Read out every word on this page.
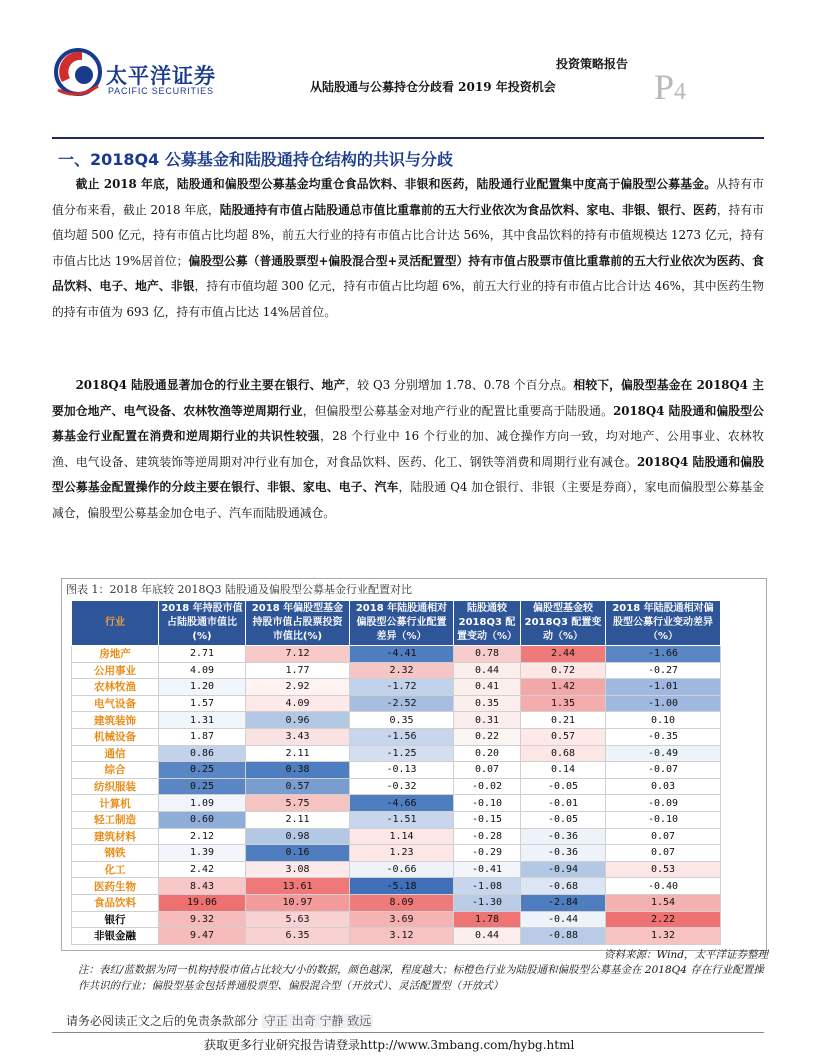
太平洋证券
PACIFIC SECURITIES
投资策略报告
从陆股通与公募持仓分歧看 2019 年投资机会	P4
一、2018Q4 公募基金和陆股通持仓结构的共识与分歧
截止 2018 年底，陆股通和偏股型公募基金均重仓食品饮料、非银和医药，陆股通行业配置集中度高于偏股型公募基金。从持有市值分布来看，截止 2018 年底，陆股通持有市值占陆股通总市值比重靠前的五大行业依次为食品饮料、家电、非银、银行、医药，持有市值均超 500 亿元，持有市值占比均超 8%，前五大行业的持有市值占比合计达 56%，其中食品饮料的持有市值规模达 1273 亿元，持有市值占比达 19%居首位；偏股型公募（普通股票型+偏股混合型+灵活配置型）持有市值占股票市值比重靠前的五大行业依次为医药、食品饮料、电子、地产、非银，持有市值均超 300 亿元，持有市值占比均超 6%，前五大行业的持有市值占比合计达 46%，其中医药生物的持有市值为 693 亿，持有市值占比达 14%居首位。
2018Q4 陆股通显著加仓的行业主要在银行、地产，较 Q3 分别增加 1.78、0.78 个百分点。相较下，偏股型基金在 2018Q4 主要加仓地产、电气设备、农林牧渔等逆周期行业，但偏股型公募基金对地产行业的配置比重要高于陆股通。2018Q4 陆股通和偏股型公募基金行业配置在消费和逆周期行业的共识性较强，28 个行业中 16 个行业的加、减仓操作方向一致，均对地产、公用事业、农林牧渔、电气设备、建筑装饰等逆周期对冲行业有加仓，对食品饮料、医药、化工、钢铁等消费和周期行业有减仓。2018Q4 陆股通和偏股型公募基金配置操作的分歧主要在银行、非银、家电、电子、汽车，陆股通 Q4 加仓银行、非银（主要是券商），家电而偏股型公募基金减仓，偏股型公募基金加仓电子、汽车而陆股通减仓。
图表 1：2018 年底较 2018Q3 陆股通及偏股型公募基金行业配置对比
行业	2018 年持股市值占陆股通市值比(%)	2018 年偏股型基金持股市值占股票投资市值比(%)	2018 年陆股通相对偏股型公募行业配置差异（%）	陆股通较 2018Q3 配置变动（%）	偏股型基金较 2018Q3 配置变动（%）	2018 年陆股通相对偏股型公募行业变动差异（%）
房地产	2.71	7.12	-4.41	0.78	2.44	-1.66
公用事业	4.09	1.77	2.32	0.44	0.72	-0.27
农林牧渔	1.20	2.92	-1.72	0.41	1.42	-1.01
电气设备	1.57	4.09	-2.52	0.35	1.35	-1.00
建筑装饰	1.31	0.96	0.35	0.31	0.21	0.10
机械设备	1.87	3.43	-1.56	0.22	0.57	-0.35
通信	0.86	2.11	-1.25	0.20	0.68	-0.49
综合	0.25	0.38	-0.13	0.07	0.14	-0.07
纺织服装	0.25	0.57	-0.32	-0.02	-0.05	0.03
计算机	1.09	5.75	-4.66	-0.10	-0.01	-0.09
轻工制造	0.60	2.11	-1.51	-0.15	-0.05	-0.10
建筑材料	2.12	0.98	1.14	-0.28	-0.36	0.07
钢铁	1.39	0.16	1.23	-0.29	-0.36	0.07
化工	2.42	3.08	-0.66	-0.41	-0.94	0.53
医药生物	8.43	13.61	-5.18	-1.08	-0.68	-0.40
食品饮料	19.06	10.97	8.09	-1.30	-2.84	1.54
银行	9.32	5.63	3.69	1.78	-0.44	2.22
非银金融	9.47	6.35	3.12	0.44	-0.88	1.32
资料来源：Wind，太平洋证券整理
注：表红/蓝数据为同一机构持股市值占比较大/小的数据，颜色越深，程度越大；标橙色行业为陆股通和偏股型公募基金在 2018Q4 存在行业配置操作共识的行业；偏股型基金包括普通股票型、偏股混合型（开放式）、灵活配置型（开放式）
请务必阅读正文之后的免责条款部分 守正 出奇 宁静 致远
获取更多行业研究报告请登录http://www.3mbang.com/hybg.html
